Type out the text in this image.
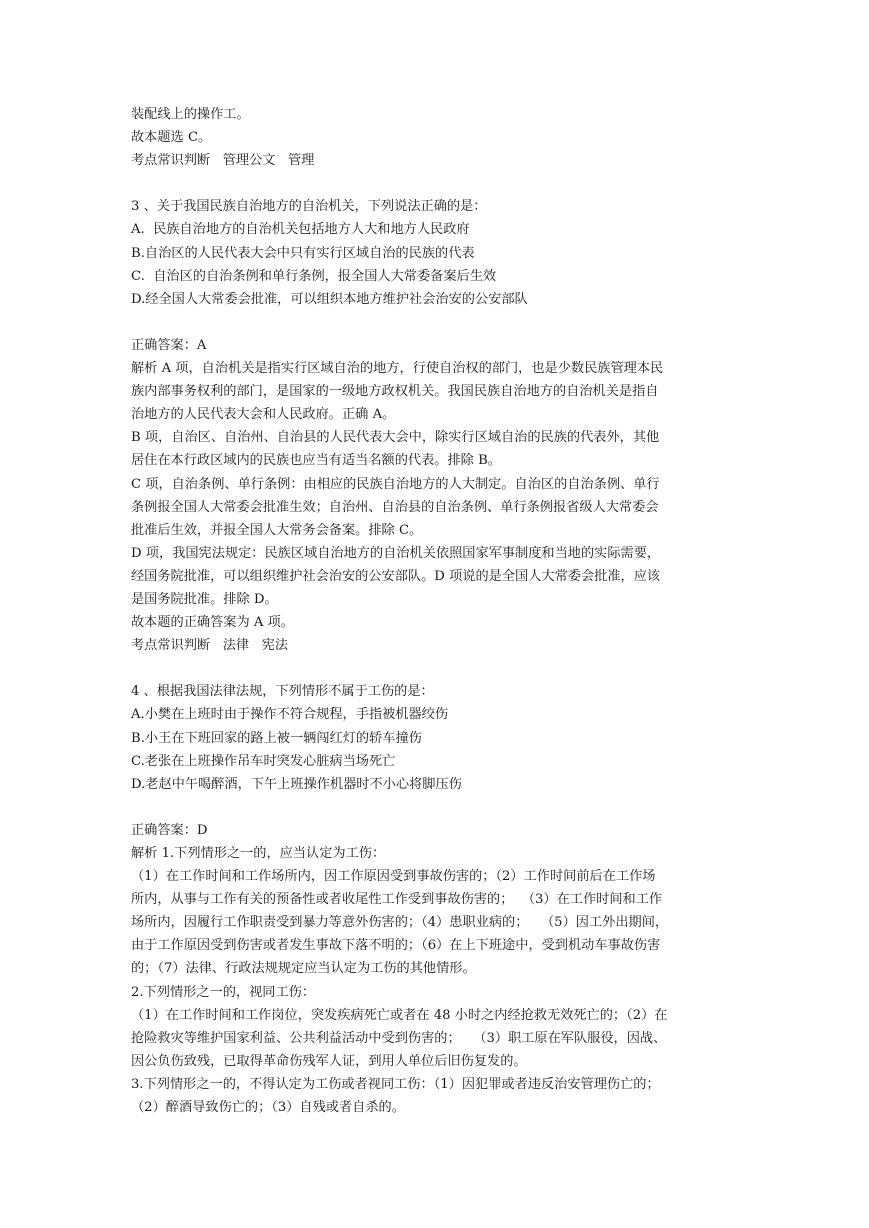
装配线上的操作工。
故本题选 C。
考点常识判断   管理公文   管理
3 、关于我国民族自治地方的自治机关，下列说法正确的是：
A.  民族自治地方的自治机关包括地方人大和地方人民政府
B.自治区的人民代表大会中只有实行区域自治的民族的代表
C.  自治区的自治条例和单行条例，报全国人大常委备案后生效
D.经全国人大常委会批准，可以组织本地方维护社会治安的公安部队
正确答案：A
解析 A 项，自治机关是指实行区域自治的地方，行使自治权的部门，也是少数民族管理本民
族内部事务权利的部门，是国家的一级地方政权机关。我国民族自治地方的自治机关是指自
治地方的人民代表大会和人民政府。正确 A。
B 项，自治区、自治州、自治县的人民代表大会中，除实行区域自治的民族的代表外，其他
居住在本行政区域内的民族也应当有适当名额的代表。排除 B。
C 项，自治条例、单行条例：由相应的民族自治地方的人大制定。自治区的自治条例、单行
条例报全国人大常委会批准生效；自治州、自治县的自治条例、单行条例报省级人大常委会
批准后生效，并报全国人大常务会备案。排除 C。
D 项，我国宪法规定：民族区域自治地方的自治机关依照国家军事制度和当地的实际需要，
经国务院批准，可以组织维护社会治安的公安部队。D 项说的是全国人大常委会批准，应该
是国务院批准。排除 D。
故本题的正确答案为 A 项。
考点常识判断   法律   宪法
4 、根据我国法律法规，下列情形不属于工伤的是：
A.小樊在上班时由于操作不符合规程，手指被机器绞伤
B.小王在下班回家的路上被一辆闯红灯的轿车撞伤
C.老张在上班操作吊车时突发心脏病当场死亡
D.老赵中午喝醉酒，下午上班操作机器时不小心将脚压伤
正确答案：D
解析 1.下列情形之一的，应当认定为工伤：
（1）在工作时间和工作场所内，因工作原因受到事故伤害的；（2）工作时间前后在工作场
所内，从事与工作有关的预备性或者收尾性工作受到事故伤害的；  （3）在工作时间和工作
场所内，因履行工作职责受到暴力等意外伤害的；（4）患职业病的；   （5）因工外出期间，
由于工作原因受到伤害或者发生事故下落不明的；（6）在上下班途中，受到机动车事故伤害
的；（7）法律、行政法规规定应当认定为工伤的其他情形。
2.下列情形之一的，视同工伤：
（1）在工作时间和工作岗位，突发疾病死亡或者在 48 小时之内经抢救无效死亡的；（2）在
抢险救灾等维护国家利益、公共利益活动中受到伤害的；   （3）职工原在军队服役，因战、
因公负伤致残，已取得革命伤残军人证，到用人单位后旧伤复发的。
3.下列情形之一的，不得认定为工伤或者视同工伤：（1）因犯罪或者违反治安管理伤亡的；
（2）醉酒导致伤亡的；（3）自残或者自杀的。
